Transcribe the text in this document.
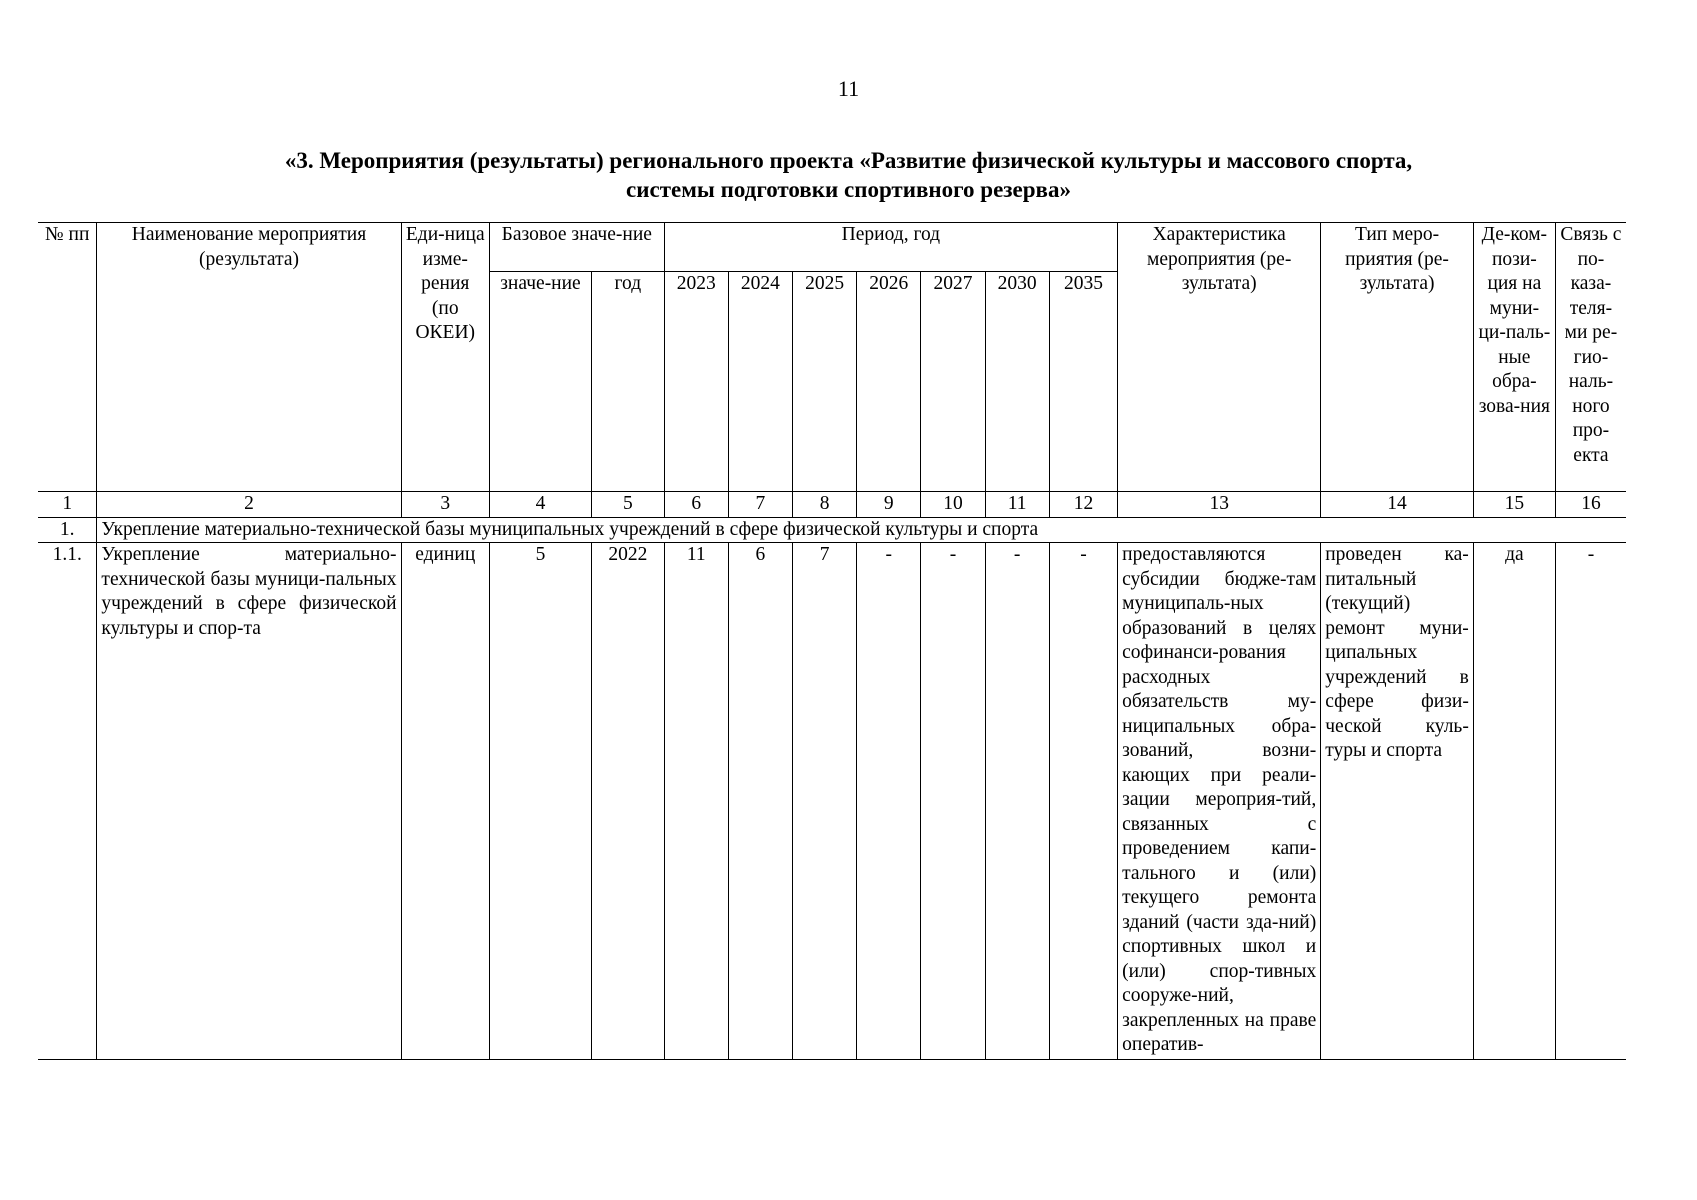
11
«3. Мероприятия (результаты) регионального проекта «Развитие физической культуры и массового спорта,
системы подготовки спортивного резерва»
№ пп	Наименование мероприятия (результата)	Еди-ница изме-рения (по ОКЕИ)	Базовое значе-ние		Период, год							Характеристика мероприятия (ре-зультата)	Тип меро-приятия (ре-зультата)	Де-ком-пози-ция на муни-ци-паль-ные обра-зова-ния	Связь с по-каза-теля-ми ре-гио-наль-ного про-екта
			значе-ние	год	2023	2024	2025	2026	2027	2030	2035				
1	2	3	4	5	6	7	8	9	10	11	12	13	14	15	16
1.	Укрепление материально-технической базы муниципальных учреждений в сфере физической культуры и спорта														
1.1.	Укрепление материально-технической базы муници-пальных учреждений в сфере физической культуры и спор-та	единиц	5	2022	11	6	7	-	-	-	-	предоставляются субсидии бюдже-там муниципаль-ных образований в целях софинанси-рования расходных обязательств му-ниципальных обра-зований, возни-кающих при реали-зации мероприя-тий, связанных с проведением капи-тального и (или) текущего ремонта зданий (части зда-ний) спортивных школ и (или) спор-тивных сооруже-ний, закрепленных на праве оператив-	проведен ка-питальный (текущий) ремонт муни-ципальных учреждений в сфере физи-ческой куль-туры и спорта	да	-
